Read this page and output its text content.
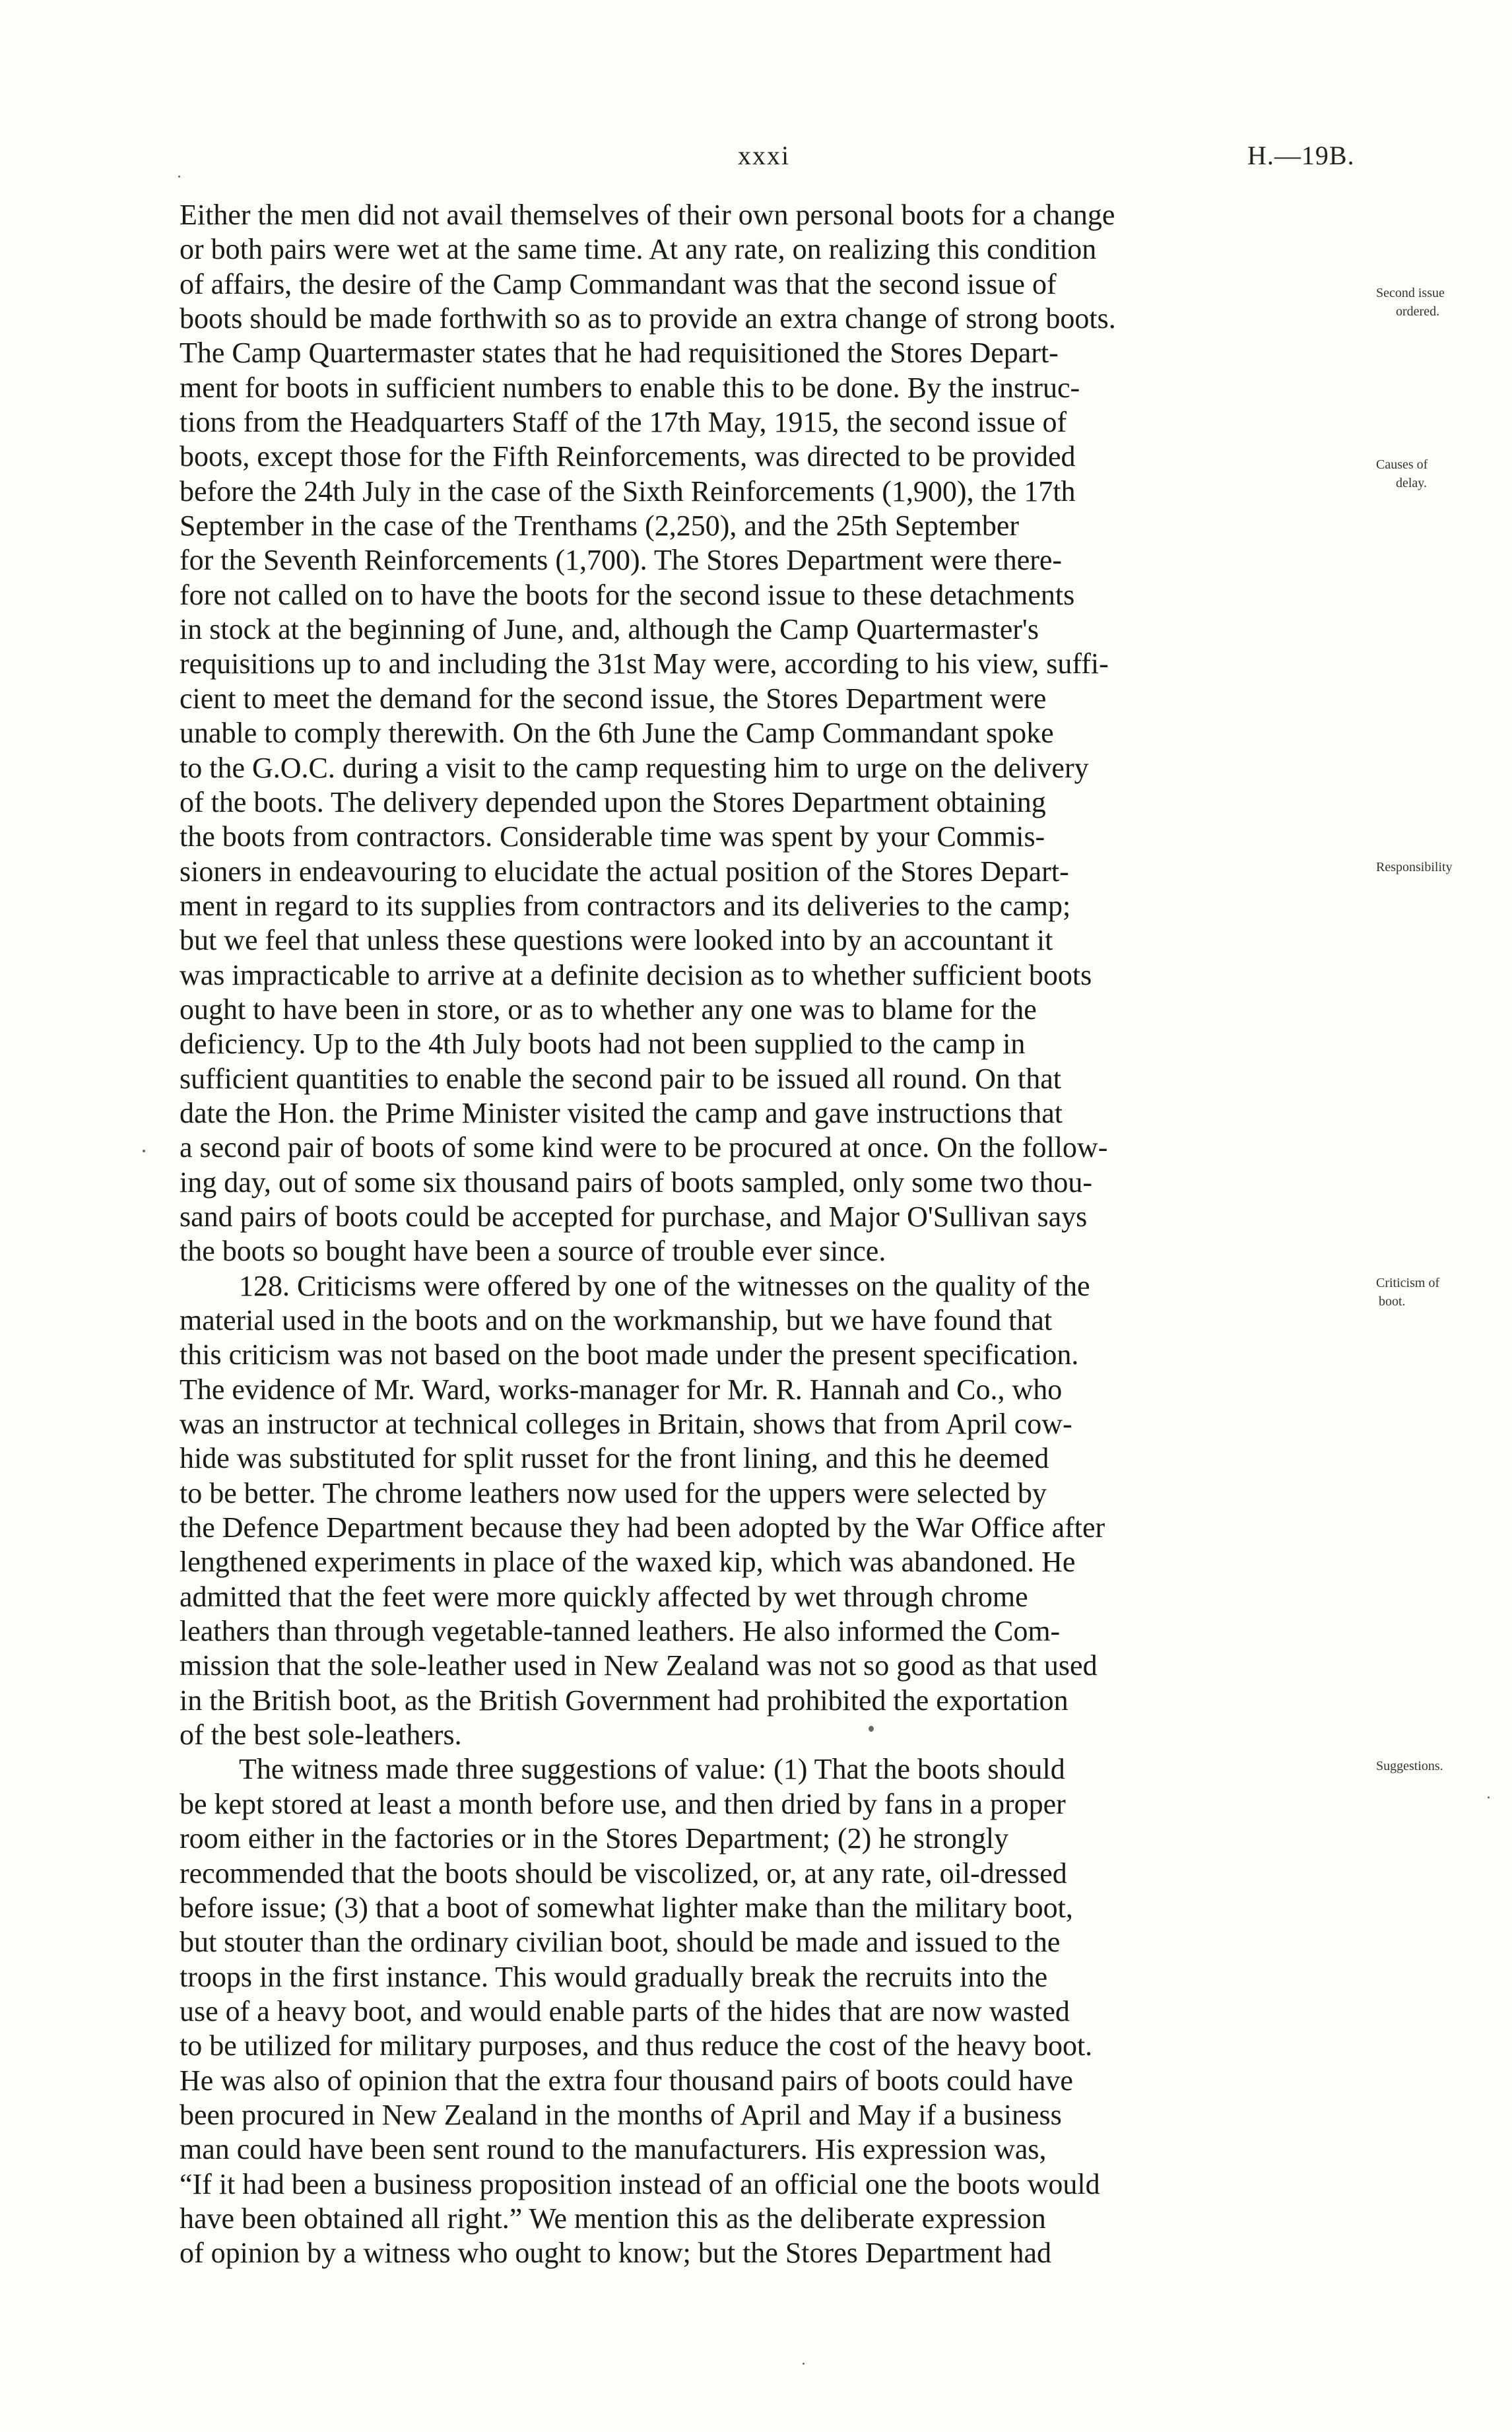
xxxi	H.—19B.
Either the men did not avail themselves of their own personal boots for a change
or both pairs were wet at the same time. At any rate, on realizing this condition
of affairs, the desire of the Camp Commandant was that the second issue of
boots should be made forthwith so as to provide an extra change of strong boots.
The Camp Quartermaster states that he had requisitioned the Stores Depart-
ment for boots in sufficient numbers to enable this to be done. By the instruc-
tions from the Headquarters Staff of the 17th May, 1915, the second issue of
boots, except those for the Fifth Reinforcements, was directed to be provided
before the 24th July in the case of the Sixth Reinforcements (1,900), the 17th
September in the case of the Trenthams (2,250), and the 25th September
for the Seventh Reinforcements (1,700). The Stores Department were there-
fore not called on to have the boots for the second issue to these detachments
in stock at the beginning of June, and, although the Camp Quartermaster's
requisitions up to and including the 31st May were, according to his view, suffi-
cient to meet the demand for the second issue, the Stores Department were
unable to comply therewith. On the 6th June the Camp Commandant spoke
to the G.O.C. during a visit to the camp requesting him to urge on the delivery
of the boots. The delivery depended upon the Stores Department obtaining
the boots from contractors. Considerable time was spent by your Commis-
sioners in endeavouring to elucidate the actual position of the Stores Depart-
ment in regard to its supplies from contractors and its deliveries to the camp;
but we feel that unless these questions were looked into by an accountant it
was impracticable to arrive at a definite decision as to whether sufficient boots
ought to have been in store, or as to whether any one was to blame for the
deficiency. Up to the 4th July boots had not been supplied to the camp in
sufficient quantities to enable the second pair to be issued all round. On that
date the Hon. the Prime Minister visited the camp and gave instructions that
a second pair of boots of some kind were to be procured at once. On the follow-
ing day, out of some six thousand pairs of boots sampled, only some two thou-
sand pairs of boots could be accepted for purchase, and Major O'Sullivan says
the boots so bought have been a source of trouble ever since.
128. Criticisms were offered by one of the witnesses on the quality of the
material used in the boots and on the workmanship, but we have found that
this criticism was not based on the boot made under the present specification.
The evidence of Mr. Ward, works-manager for Mr. R. Hannah and Co., who
was an instructor at technical colleges in Britain, shows that from April cow-
hide was substituted for split russet for the front lining, and this he deemed
to be better. The chrome leathers now used for the uppers were selected by
the Defence Department because they had been adopted by the War Office after
lengthened experiments in place of the waxed kip, which was abandoned. He
admitted that the feet were more quickly affected by wet through chrome
leathers than through vegetable-tanned leathers. He also informed the Com-
mission that the sole-leather used in New Zealand was not so good as that used
in the British boot, as the British Government had prohibited the exportation
of the best sole-leathers.
The witness made three suggestions of value: (1) That the boots should
be kept stored at least a month before use, and then dried by fans in a proper
room either in the factories or in the Stores Department; (2) he strongly
recommended that the boots should be viscolized, or, at any rate, oil-dressed
before issue; (3) that a boot of somewhat lighter make than the military boot,
but stouter than the ordinary civilian boot, should be made and issued to the
troops in the first instance. This would gradually break the recruits into the
use of a heavy boot, and would enable parts of the hides that are now wasted
to be utilized for military purposes, and thus reduce the cost of the heavy boot.
He was also of opinion that the extra four thousand pairs of boots could have
been procured in New Zealand in the months of April and May if a business
man could have been sent round to the manufacturers. His expression was,
“If it had been a business proposition instead of an official one the boots would
have been obtained all right.” We mention this as the deliberate expression
of opinion by a witness who ought to know; but the Stores Department had
Second issue
ordered.
Causes of
delay.
Responsibility
Criticism of
boot.
Suggestions.
